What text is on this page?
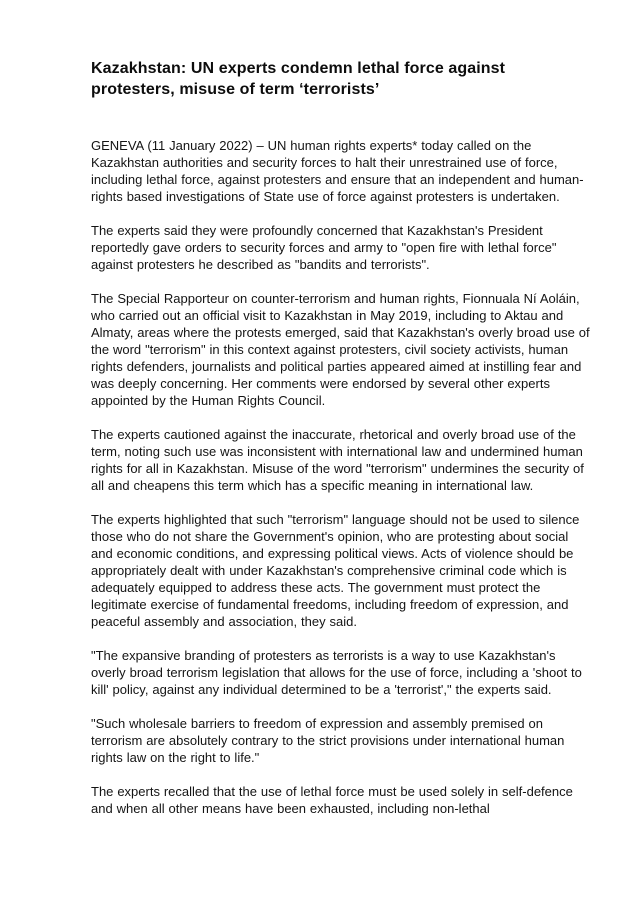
Kazakhstan: UN experts condemn lethal force against protesters, misuse of term ‘terrorists’

GENEVA (11 January 2022) – UN human rights experts* today called on the Kazakhstan authorities and security forces to halt their unrestrained use of force, including lethal force, against protesters and ensure that an independent and human-rights based investigations of State use of force against protesters is undertaken.

The experts said they were profoundly concerned that Kazakhstan's President reportedly gave orders to security forces and army to "open fire with lethal force" against protesters he described as "bandits and terrorists".

The Special Rapporteur on counter-terrorism and human rights, Fionnuala Ní Aoláin, who carried out an official visit to Kazakhstan in May 2019, including to Aktau and Almaty, areas where the protests emerged, said that Kazakhstan's overly broad use of the word "terrorism" in this context against protesters, civil society activists, human rights defenders, journalists and political parties appeared aimed at instilling fear and was deeply concerning. Her comments were endorsed by several other experts appointed by the Human Rights Council.

The experts cautioned against the inaccurate, rhetorical and overly broad use of the term, noting such use was inconsistent with international law and undermined human rights for all in Kazakhstan. Misuse of the word "terrorism" undermines the security of all and cheapens this term which has a specific meaning in international law.

The experts highlighted that such "terrorism" language should not be used to silence those who do not share the Government's opinion, who are protesting about social and economic conditions, and expressing political views. Acts of violence should be appropriately dealt with under Kazakhstan's comprehensive criminal code which is adequately equipped to address these acts. The government must protect the legitimate exercise of fundamental freedoms, including freedom of expression, and peaceful assembly and association, they said.

"The expansive branding of protesters as terrorists is a way to use Kazakhstan's overly broad terrorism legislation that allows for the use of force, including a 'shoot to kill' policy, against any individual determined to be a 'terrorist'," the experts said.

"Such wholesale barriers to freedom of expression and assembly premised on terrorism are absolutely contrary to the strict provisions under international human rights law on the right to life."

The experts recalled that the use of lethal force must be used solely in self-defence and when all other means have been exhausted, including non-lethal
